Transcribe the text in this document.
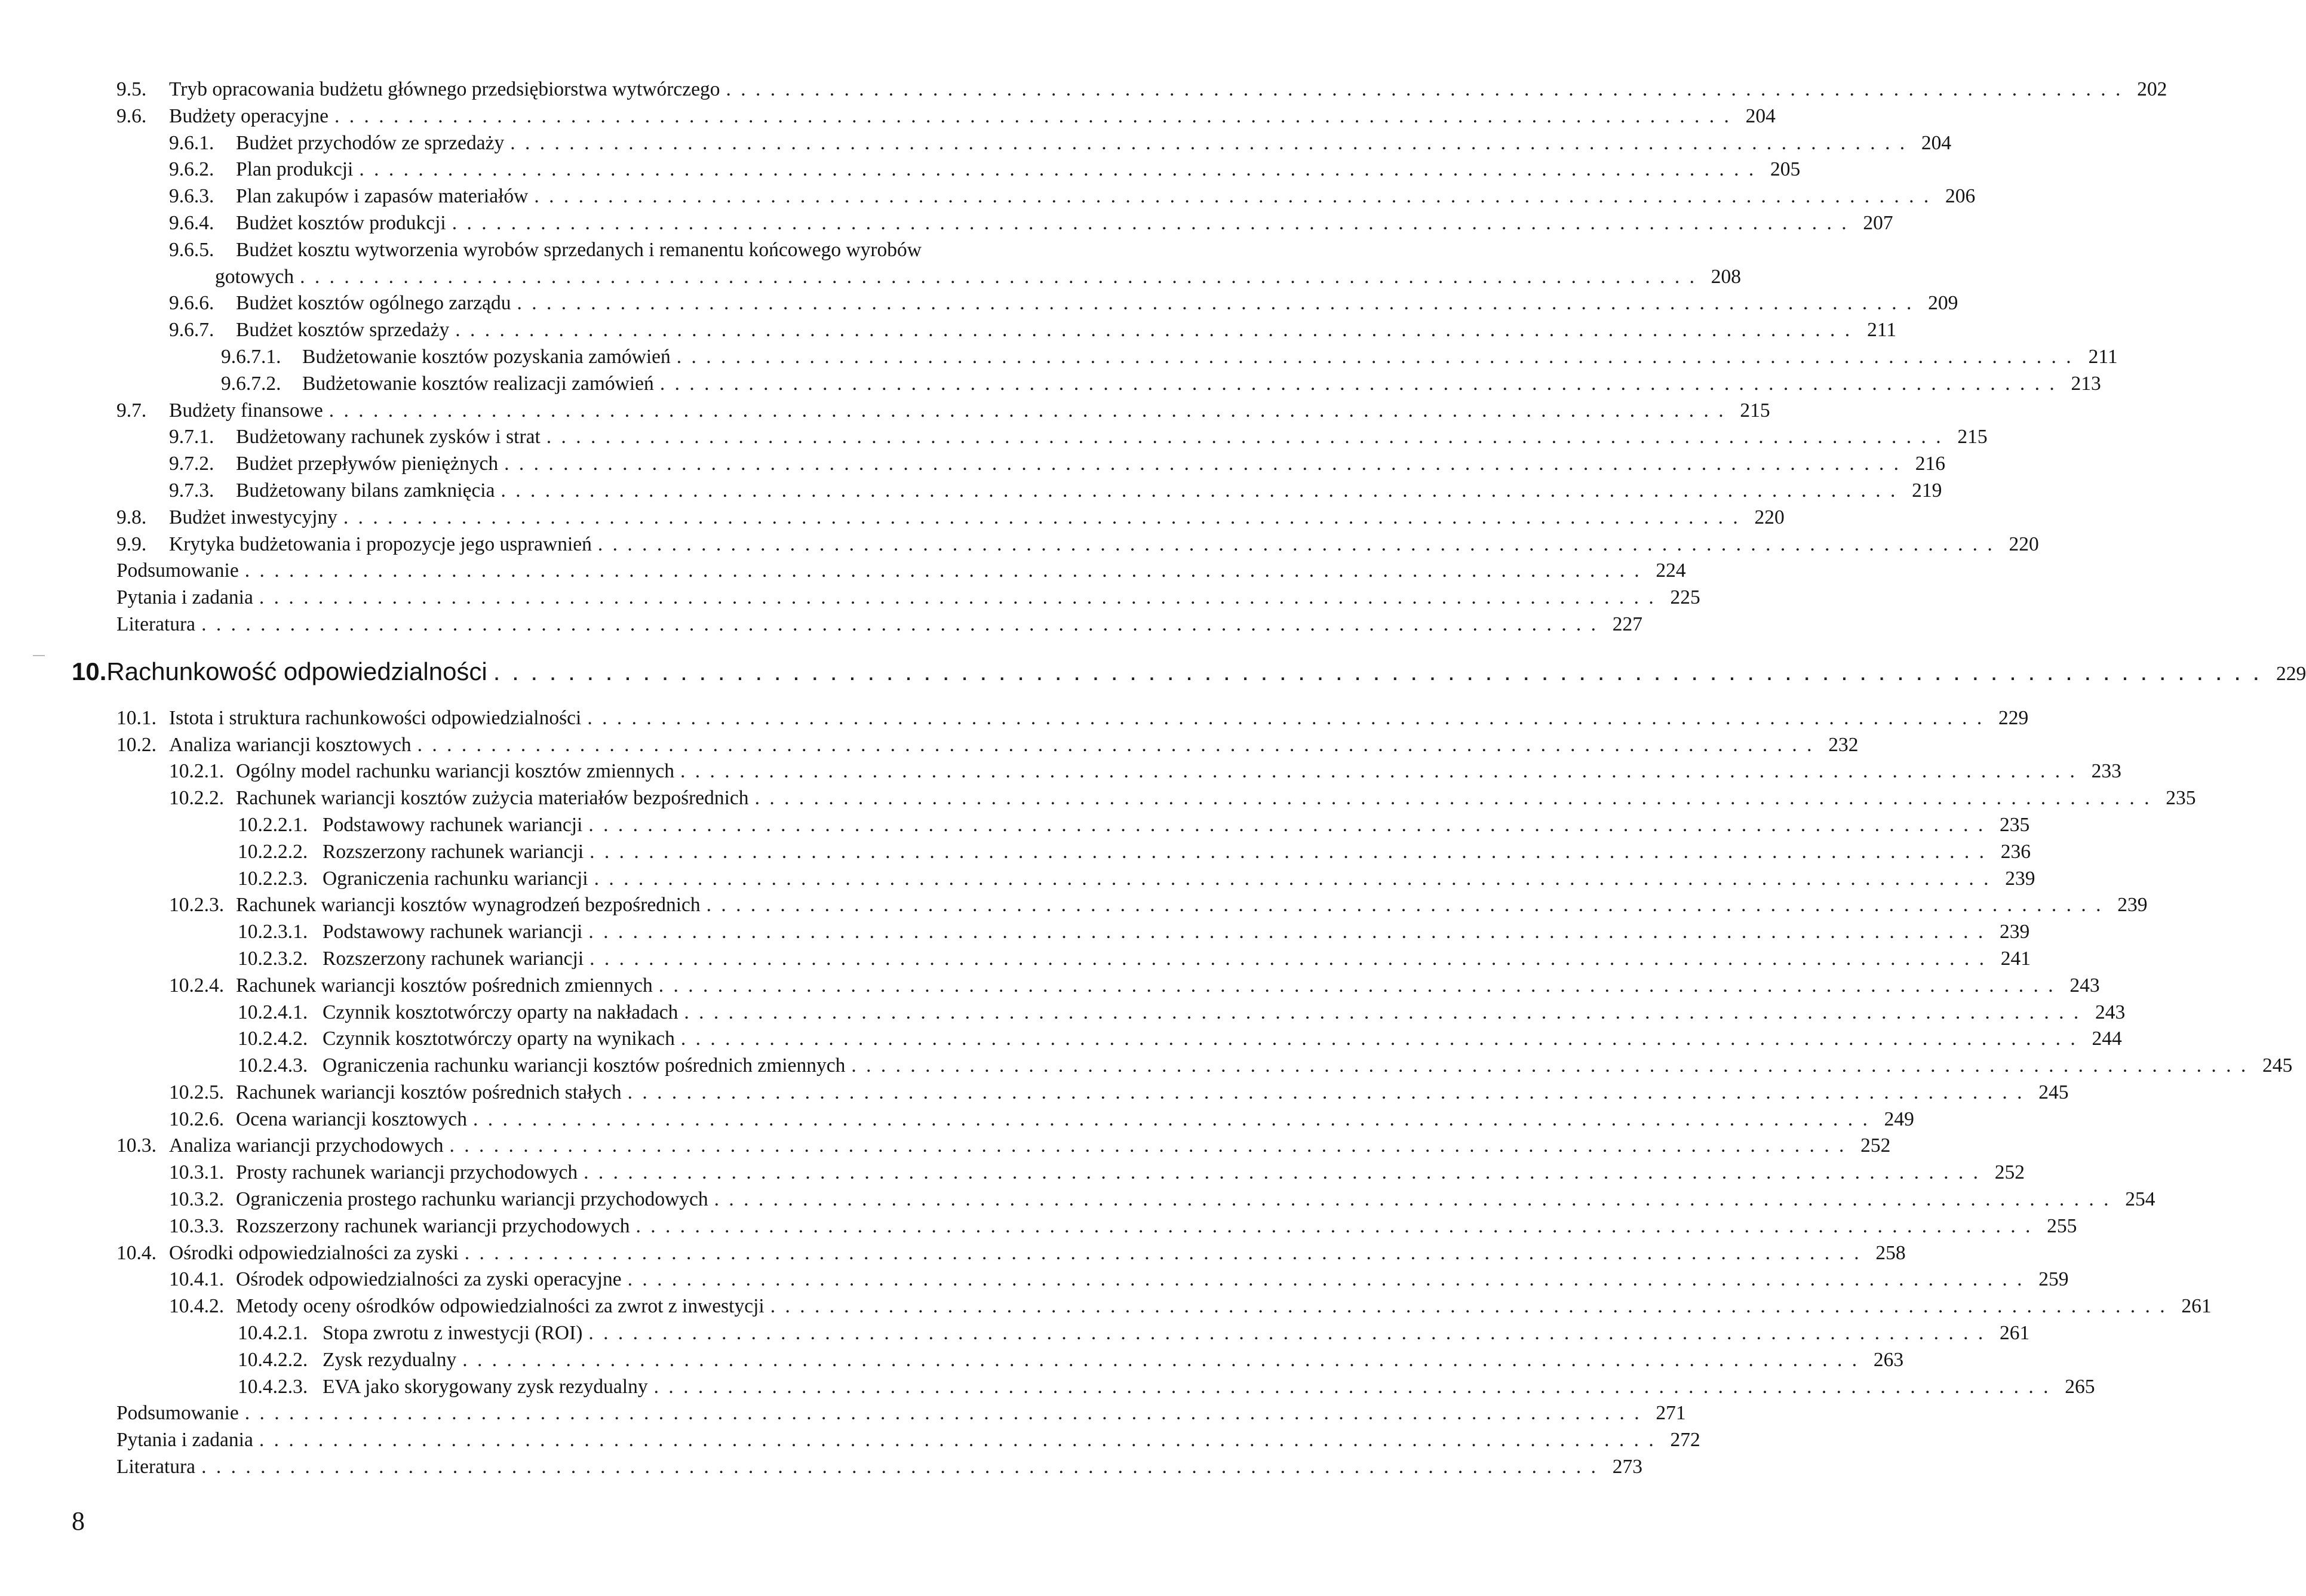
9.5.	Tryb opracowania budżetu głównego przedsiębiorstwa wytwórczego . . .	202
9.6.	Budżety operacyjne . . .	204
9.6.1.	Budżet przychodów ze sprzedaży . . .	204
9.6.2.	Plan produkcji . . .	205
9.6.3.	Plan zakupów i zapasów materiałów . . .	206
9.6.4.	Budżet kosztów produkcji . . .	207
9.6.5.	Budżet kosztu wytworzenia wyrobów sprzedanych i remanentu końcowego wyrobów
gotowych . . .	208
9.6.6.	Budżet kosztów ogólnego zarządu . . .	209
9.6.7.	Budżet kosztów sprzedaży . . .	211
9.6.7.1.	Budżetowanie kosztów pozyskania zamówień . . .	211
9.6.7.2.	Budżetowanie kosztów realizacji zamówień . . .	213
9.7.	Budżety finansowe . . .	215
9.7.1.	Budżetowany rachunek zysków i strat . . .	215
9.7.2.	Budżet przepływów pieniężnych . . .	216
9.7.3.	Budżetowany bilans zamknięcia . . .	219
9.8.	Budżet inwestycyjny . . .	220
9.9.	Krytyka budżetowania i propozycje jego usprawnień . . .	220
Podsumowanie . . .	224
Pytania i zadania . . .	225
Literatura . . .	227
10. Rachunkowość odpowiedzialności . . .	229
10.1. Istota i struktura rachunkowości odpowiedzialności . . .	229
10.2. Analiza wariancji kosztowych . . .	232
10.2.1. Ogólny model rachunku wariancji kosztów zmiennych . . .	233
10.2.2. Rachunek wariancji kosztów zużycia materiałów bezpośrednich . . .	235
10.2.2.1. Podstawowy rachunek wariancji . . .	235
10.2.2.2. Rozszerzony rachunek wariancji . . .	236
10.2.2.3. Ograniczenia rachunku wariancji . . .	239
10.2.3. Rachunek wariancji kosztów wynagrodzeń bezpośrednich . . .	239
10.2.3.1. Podstawowy rachunek wariancji . . .	239
10.2.3.2. Rozszerzony rachunek wariancji . . .	241
10.2.4. Rachunek wariancji kosztów pośrednich zmiennych . . .	243
10.2.4.1. Czynnik kosztotwórczy oparty na nakładach . . .	243
10.2.4.2. Czynnik kosztotwórczy oparty na wynikach . . .	244
10.2.4.3. Ograniczenia rachunku wariancji kosztów pośrednich zmiennych . . .	245
10.2.5. Rachunek wariancji kosztów pośrednich stałych . . .	245
10.2.6. Ocena wariancji kosztowych . . .	249
10.3. Analiza wariancji przychodowych . . .	252
10.3.1. Prosty rachunek wariancji przychodowych . . .	252
10.3.2. Ograniczenia prostego rachunku wariancji przychodowych . . .	254
10.3.3. Rozszerzony rachunek wariancji przychodowych . . .	255
10.4. Ośrodki odpowiedzialności za zyski . . .	258
10.4.1. Ośrodek odpowiedzialności za zyski operacyjne . . .	259
10.4.2. Metody oceny ośrodków odpowiedzialności za zwrot z inwestycji . . .	261
10.4.2.1. Stopa zwrotu z inwestycji (ROI) . . .	261
10.4.2.2. Zysk rezydualny . . .	263
10.4.2.3. EVA jako skorygowany zysk rezydualny . . .	265
Podsumowanie . . .	271
Pytania i zadania . . .	272
Literatura . . .	273
8
